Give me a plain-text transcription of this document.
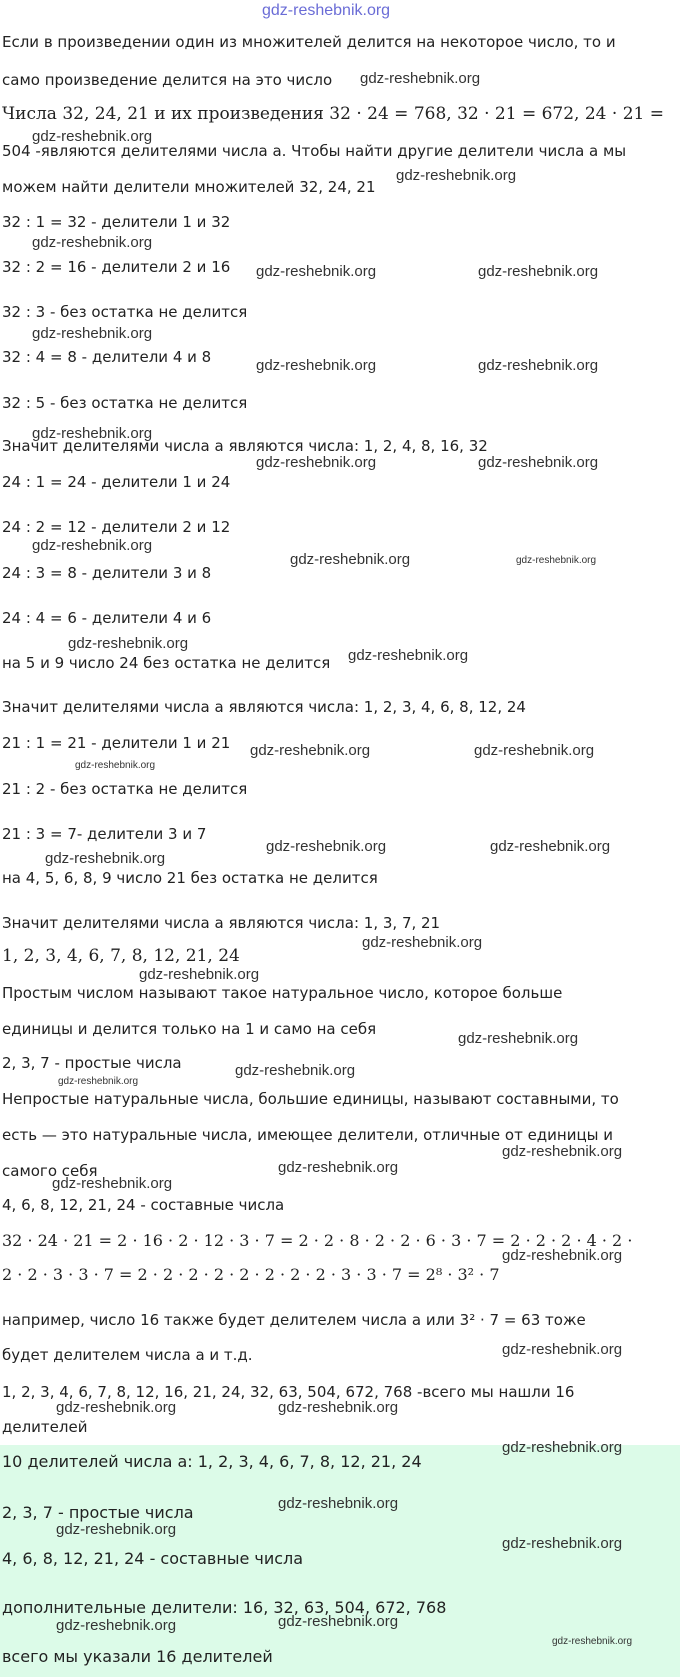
gdz-reshebnik.org
Если в произведении один из множителей делится на некоторое число, то и
само произведение делится на это число
Числа 32, 24, 21 и их произведения 32 · 24 = 768, 32 · 21 = 672, 24 · 21 =
504 -являются делителями числа a. Чтобы найти другие делители числа a мы
можем найти делители множителей 32, 24, 21
32 : 1 = 32 - делители 1 и 32
32 : 2 = 16 - делители 2 и 16
32 : 3 - без остатка не делится
32 : 4 = 8 - делители 4 и 8
32 : 5 - без остатка не делится
Значит делителями числа a являются числа: 1, 2, 4, 8, 16, 32
24 : 1 = 24 - делители 1 и 24
24 : 2 = 12 - делители 2 и 12
24 : 3 = 8 - делители 3 и 8
24 : 4 = 6 - делители 4 и 6
на 5 и 9 число 24 без остатка не делится
Значит делителями числа a являются числа: 1, 2, 3, 4, 6, 8, 12, 24
21 : 1 = 21 - делители 1 и 21
21 : 2 - без остатка не делится
21 : 3 = 7- делители 3 и 7
на 4, 5, 6, 8, 9 число 21 без остатка не делится
Значит делителями числа a являются числа: 1, 3, 7, 21
1, 2, 3, 4, 6, 7, 8, 12, 21, 24
Простым числом называют такое натуральное число, которое больше
единицы и делится только на 1 и само на себя
2, 3, 7 - простые числа
Непростые натуральные числа, большие единицы, называют составными, то
есть — это натуральные числа, имеющее делители, отличные от единицы и
самого себя
4, 6, 8, 12, 21, 24 - составные числа
32 · 24 · 21 = 2 · 16 · 2 · 12 · 3 · 7 = 2 · 2 · 8 · 2 · 2 · 6 · 3 · 7 = 2 · 2 · 2 · 4 · 2 ·
2 · 2 · 3 · 3 · 7 = 2 · 2 · 2 · 2 · 2 · 2 · 2 · 2 · 3 · 3 · 7 = 2⁸ · 3² · 7
например, число 16 также будет делителем числа a или 3² · 7 = 63 тоже
будет делителем числа a и т.д.
1, 2, 3, 4, 6, 7, 8, 12, 16, 21, 24, 32, 63, 504, 672, 768 -всего мы нашли 16
делителей
10 делителей числа a: 1, 2, 3, 4, 6, 7, 8, 12, 21, 24
2, 3, 7 - простые числа
4, 6, 8, 12, 21, 24 - составные числа
дополнительные делители: 16, 32, 63, 504, 672, 768
всего мы указали 16 делителей
gdz-reshebnik.org
gdz-reshebnik.org
gdz-reshebnik.org
gdz-reshebnik.org
gdz-reshebnik.org	gdz-reshebnik.org
gdz-reshebnik.org
gdz-reshebnik.org	gdz-reshebnik.org
gdz-reshebnik.org
gdz-reshebnik.org	gdz-reshebnik.org
gdz-reshebnik.org
gdz-reshebnik.org	gdz-reshebnik.org
gdz-reshebnik.org
gdz-reshebnik.org
gdz-reshebnik.org	gdz-reshebnik.org
gdz-reshebnik.org
gdz-reshebnik.org	gdz-reshebnik.org
gdz-reshebnik.org
gdz-reshebnik.org
gdz-reshebnik.org
gdz-reshebnik.org
gdz-reshebnik.org
gdz-reshebnik.org
gdz-reshebnik.org
gdz-reshebnik.org
gdz-reshebnik.org
gdz-reshebnik.org
gdz-reshebnik.org
gdz-reshebnik.org	gdz-reshebnik.org
gdz-reshebnik.org
gdz-reshebnik.org
gdz-reshebnik.org
gdz-reshebnik.org
gdz-reshebnik.org	gdz-reshebnik.org
gdz-reshebnik.org
